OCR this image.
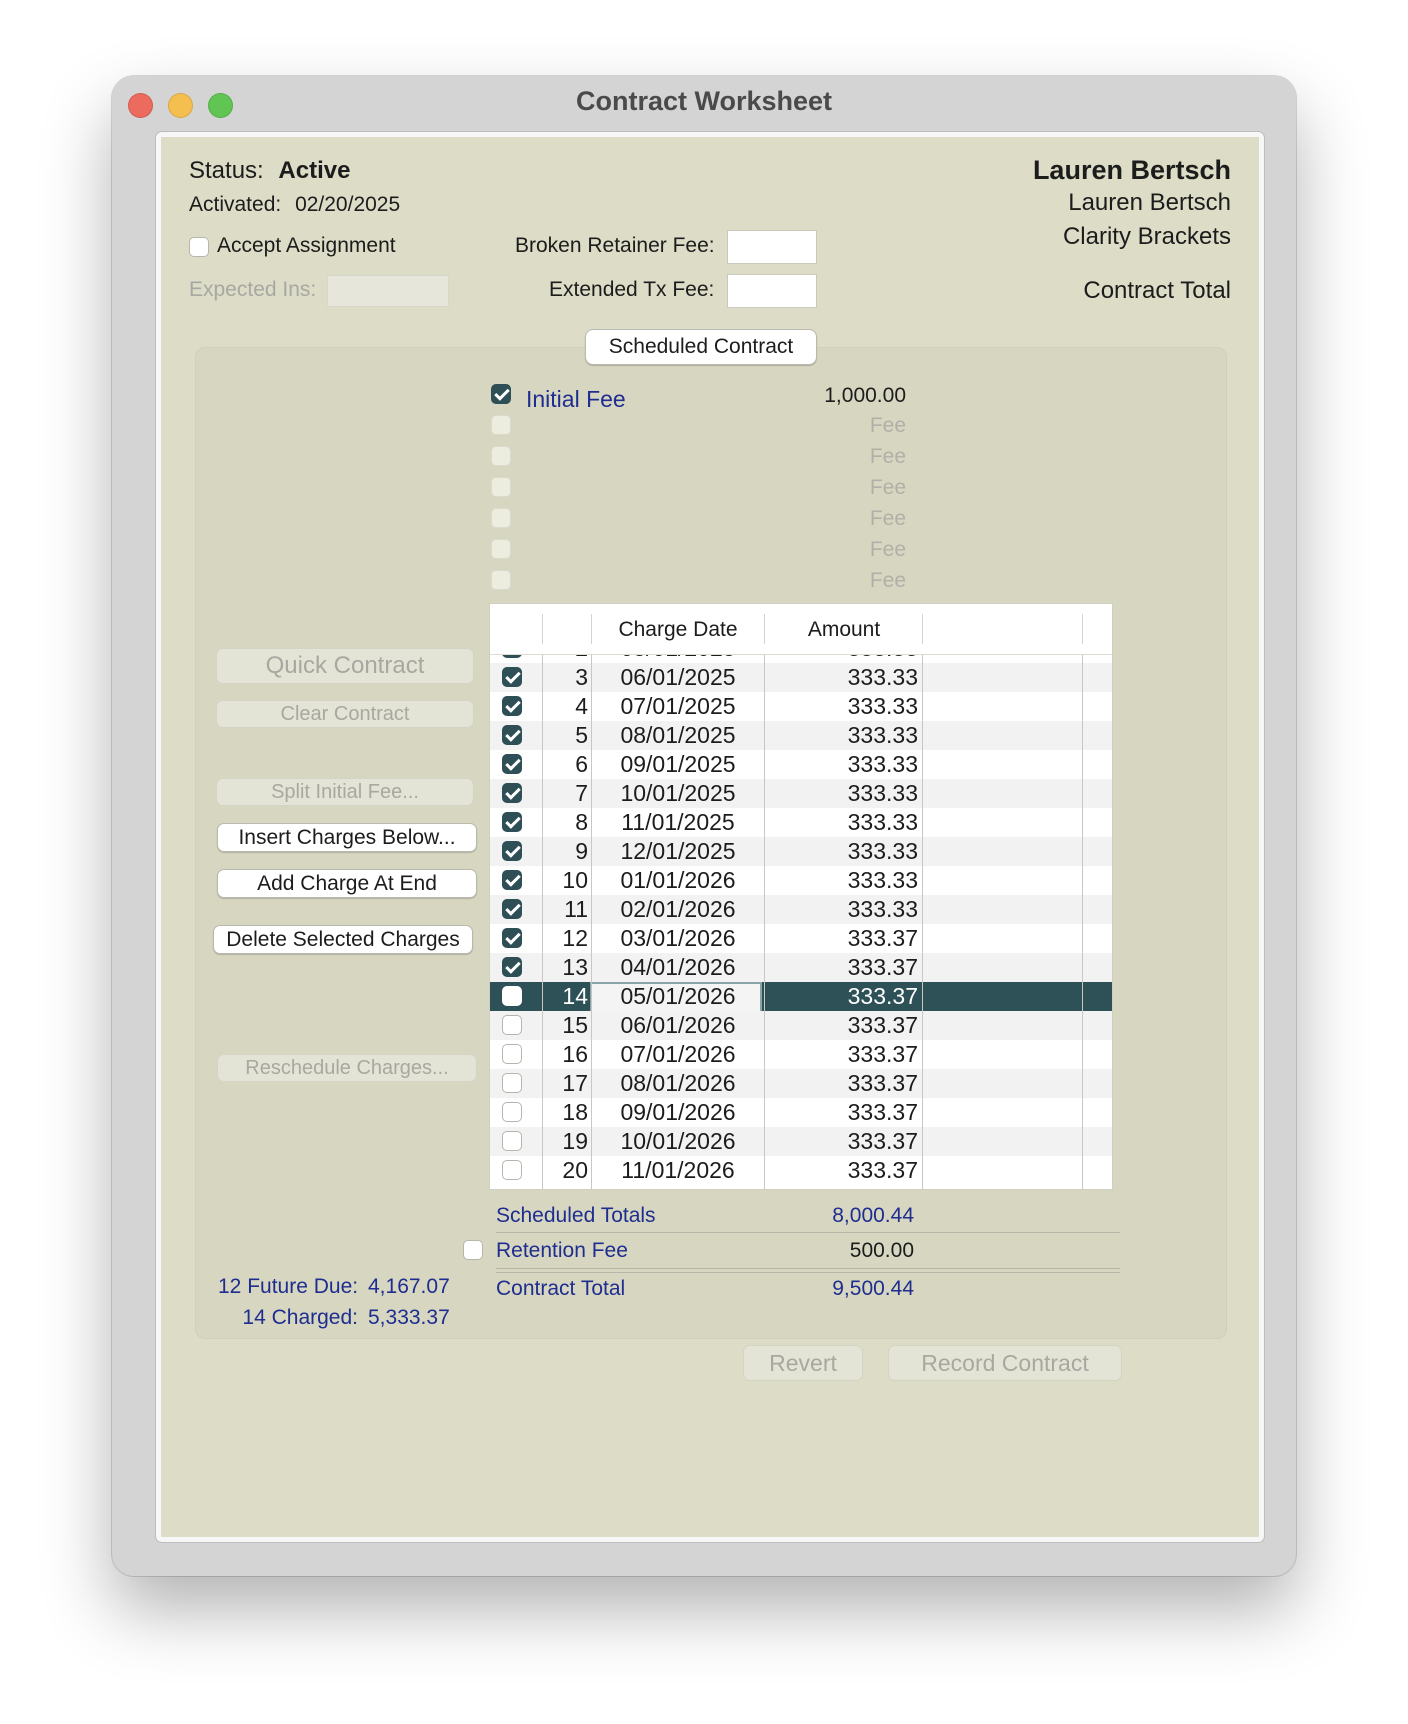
Contract Worksheet
Status: Active
Activated: 02/20/2025
Lauren Bertsch
Lauren Bertsch
Clarity Brackets
Contract Total
Accept Assignment
Expected Ins:
Broken Retainer Fee:
Extended Tx Fee:
Initial Fee	1,000.00
Fee
Fee
Fee
Fee
Fee
Fee
Quick Contract
Clear Contract
Split Initial Fee...
Insert Charges Below...
Add Charge At End
Delete Selected Charges
Reschedule Charges...
Charge Date	Amount
3	06/01/2025	333.33
4	07/01/2025	333.33
5	08/01/2025	333.33
6	09/01/2025	333.33
7	10/01/2025	333.33
8	11/01/2025	333.33
9	12/01/2025	333.33
10	01/01/2026	333.33
11	02/01/2026	333.33
12	03/01/2026	333.37
13	04/01/2026	333.37
14	05/01/2026	333.37
15	06/01/2026	333.37
16	07/01/2026	333.37
17	08/01/2026	333.37
18	09/01/2026	333.37
19	10/01/2026	333.37
20	11/01/2026	333.37
Scheduled Totals	8,000.44
Retention Fee	500.00
Contract Total	9,500.44
12 Future Due: 4,167.07
14 Charged: 5,333.37
Scheduled Contract
Revert	Record Contract
